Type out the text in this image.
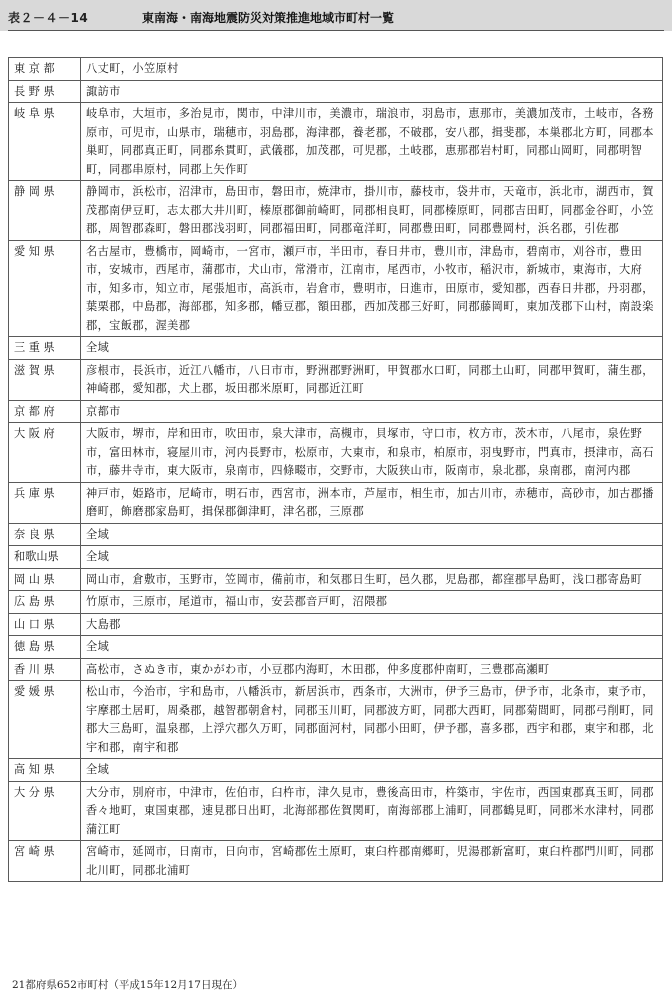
表２－４－14	東南海・南海地震防災対策推進地域市町村一覧
東 京 都	八丈町，小笠原村
長 野 県	諏訪市
岐 阜 県	岐阜市，大垣市，多治見市，関市，中津川市，美濃市，瑞浪市，羽島市，恵那市，美濃加茂市，土岐市，各務原市，可児市，山県市，瑞穂市，羽島郡，海津郡，養老郡，不破郡，安八郡，揖斐郡，本巣郡北方町，同郡本巣町，同郡真正町，同郡糸貫町，武儀郡，加茂郡，可児郡，土岐郡，恵那郡岩村町，同郡山岡町，同郡明智町，同郡串原村，同郡上矢作町
静 岡 県	静岡市，浜松市，沼津市，島田市，磐田市，焼津市，掛川市，藤枝市，袋井市，天竜市，浜北市，湖西市，賀茂郡南伊豆町，志太郡大井川町，榛原郡御前崎町，同郡相良町，同郡榛原町，同郡吉田町，同郡金谷町，小笠郡，周智郡森町，磐田郡浅羽町，同郡福田町，同郡竜洋町，同郡豊田町，同郡豊岡村，浜名郡，引佐郡
愛 知 県	名古屋市，豊橋市，岡崎市，一宮市，瀬戸市，半田市，春日井市，豊川市，津島市，碧南市，刈谷市，豊田市，安城市，西尾市，蒲郡市，犬山市，常滑市，江南市，尾西市，小牧市，稲沢市，新城市，東海市，大府市，知多市，知立市，尾張旭市，高浜市，岩倉市，豊明市，日進市，田原市，愛知郡，西春日井郡，丹羽郡，葉栗郡，中島郡，海部郡，知多郡，幡豆郡，額田郡，西加茂郡三好町，同郡藤岡町，東加茂郡下山村，南設楽郡，宝飯郡，渥美郡
三 重 県	全域
滋 賀 県	彦根市，長浜市，近江八幡市，八日市市，野洲郡野洲町，甲賀郡水口町，同郡土山町，同郡甲賀町，蒲生郡，神崎郡，愛知郡，犬上郡，坂田郡米原町，同郡近江町
京 都 府	京都市
大 阪 府	大阪市，堺市，岸和田市，吹田市，泉大津市，高槻市，貝塚市，守口市，枚方市，茨木市，八尾市，泉佐野市，富田林市，寝屋川市，河内長野市，松原市，大東市，和泉市，柏原市，羽曳野市，門真市，摂津市，高石市，藤井寺市，東大阪市，泉南市，四條畷市，交野市，大阪狭山市，阪南市，泉北郡，泉南郡，南河内郡
兵 庫 県	神戸市，姫路市，尼崎市，明石市，西宮市，洲本市，芦屋市，相生市，加古川市，赤穂市，高砂市，加古郡播磨町，飾磨郡家島町，揖保郡御津町，津名郡，三原郡
奈 良 県	全域
和歌山県	全域
岡 山 県	岡山市，倉敷市，玉野市，笠岡市，備前市，和気郡日生町，邑久郡，児島郡，都窪郡早島町，浅口郡寄島町
広 島 県	竹原市，三原市，尾道市，福山市，安芸郡音戸町，沼隈郡
山 口 県	大島郡
徳 島 県	全域
香 川 県	高松市，さぬき市，東かがわ市，小豆郡内海町，木田郡，仲多度郡仲南町，三豊郡高瀬町
愛 媛 県	松山市，今治市，宇和島市，八幡浜市，新居浜市，西条市，大洲市，伊予三島市，伊予市，北条市，東予市，宇摩郡土居町，周桑郡，越智郡朝倉村，同郡玉川町，同郡波方町，同郡大西町，同郡菊間町，同郡弓削町，同郡大三島町，温泉郡，上浮穴郡久万町，同郡面河村，同郡小田町，伊予郡，喜多郡，西宇和郡，東宇和郡，北宇和郡，南宇和郡
高 知 県	全域
大 分 県	大分市，別府市，中津市，佐伯市，臼杵市，津久見市，豊後高田市，杵築市，宇佐市，西国東郡真玉町，同郡香々地町，東国東郡，速見郡日出町，北海部郡佐賀関町，南海部郡上浦町，同郡鶴見町，同郡米水津村，同郡蒲江町
宮 崎 県	宮崎市，延岡市，日南市，日向市，宮崎郡佐土原町，東臼杵郡南郷町，児湯郡新富町，東臼杵郡門川町，同郡北川町，同郡北浦町
21都府県652市町村（平成15年12月17日現在）
